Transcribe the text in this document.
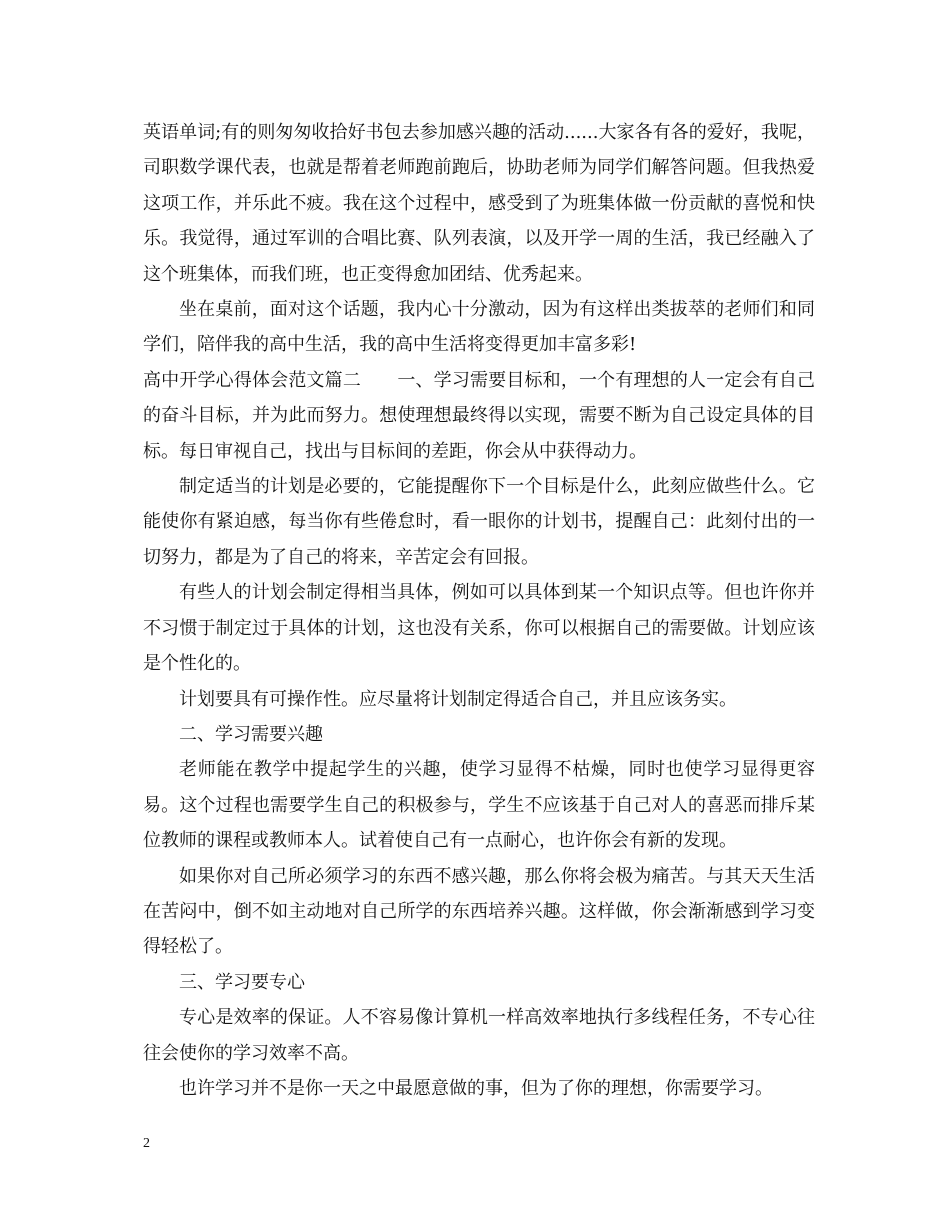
英语单词;有的则匆匆收拾好书包去参加感兴趣的活动......大家各有各的爱好，我呢，司职数学课代表，也就是帮着老师跑前跑后，协助老师为同学们解答问题。但我热爱这项工作，并乐此不疲。我在这个过程中，感受到了为班集体做一份贡献的喜悦和快乐。我觉得，通过军训的合唱比赛、队列表演，以及开学一周的生活，我已经融入了这个班集体，而我们班，也正变得愈加团结、优秀起来。

坐在桌前，面对这个话题，我内心十分激动，因为有这样出类拔萃的老师们和同学们，陪伴我的高中生活，我的高中生活将变得更加丰富多彩!

高中开学心得体会范文篇二　　一、学习需要目标和，一个有理想的人一定会有自己的奋斗目标，并为此而努力。想使理想最终得以实现，需要不断为自己设定具体的目标。每日审视自己，找出与目标间的差距，你会从中获得动力。

制定适当的计划是必要的，它能提醒你下一个目标是什么，此刻应做些什么。它能使你有紧迫感，每当你有些倦怠时，看一眼你的计划书，提醒自己：此刻付出的一切努力，都是为了自己的将来，辛苦定会有回报。

有些人的计划会制定得相当具体，例如可以具体到某一个知识点等。但也许你并不习惯于制定过于具体的计划，这也没有关系，你可以根据自己的需要做。计划应该是个性化的。

计划要具有可操作性。应尽量将计划制定得适合自己，并且应该务实。

二、学习需要兴趣

老师能在教学中提起学生的兴趣，使学习显得不枯燥，同时也使学习显得更容易。这个过程也需要学生自己的积极参与，学生不应该基于自己对人的喜恶而排斥某位教师的课程或教师本人。试着使自己有一点耐心，也许你会有新的发现。

如果你对自己所必须学习的东西不感兴趣，那么你将会极为痛苦。与其天天生活在苦闷中，倒不如主动地对自己所学的东西培养兴趣。这样做，你会渐渐感到学习变得轻松了。

三、学习要专心

专心是效率的保证。人不容易像计算机一样高效率地执行多线程任务，不专心往往会使你的学习效率不高。

也许学习并不是你一天之中最愿意做的事，但为了你的理想，你需要学习。

2
